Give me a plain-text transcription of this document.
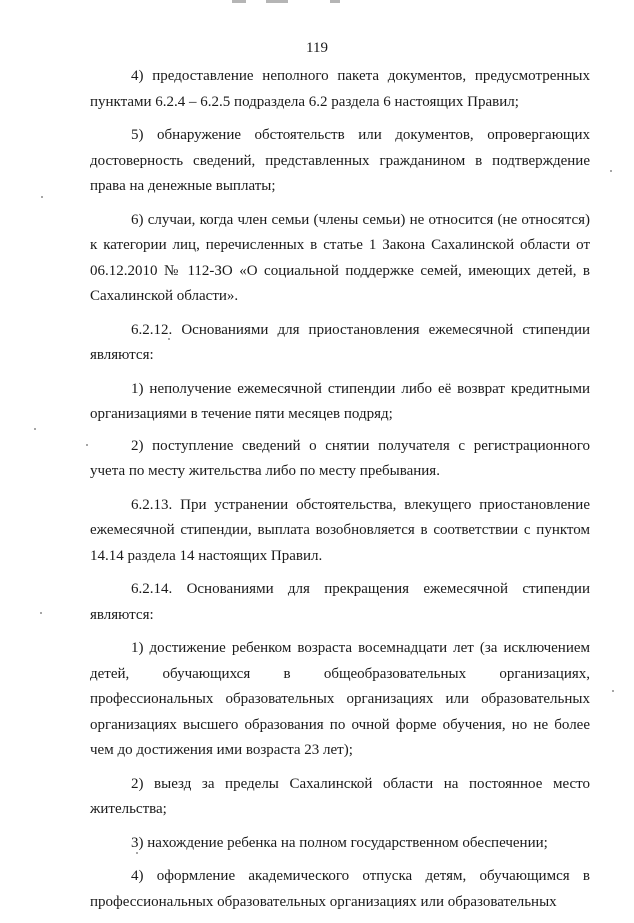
119

4) предоставление неполного пакета документов, предусмотренных пунктами 6.2.4 – 6.2.5 подраздела 6.2 раздела 6 настоящих Правил;

5) обнаружение обстоятельств или документов, опровергающих достоверность сведений, представленных гражданином в подтверждение права на денежные выплаты;

6) случаи, когда член семьи (члены семьи) не относится (не относятся) к категории лиц, перечисленных в статье 1 Закона Сахалинской области от 06.12.2010 № 112-ЗО «О социальной поддержке семей, имеющих детей, в Сахалинской области».

6.2.12. Основаниями для приостановления ежемесячной стипендии являются:

1) неполучение ежемесячной стипендии либо её возврат кредитными организациями в течение пяти месяцев подряд;

2) поступление сведений о снятии получателя с регистрационного учета по месту жительства либо по месту пребывания.

6.2.13. При устранении обстоятельства, влекущего приостановление ежемесячной стипендии, выплата возобновляется в соответствии с пунктом 14.14 раздела 14 настоящих Правил.

6.2.14. Основаниями для прекращения ежемесячной стипендии являются:

1) достижение ребенком возраста восемнадцати лет (за исключением детей, обучающихся в общеобразовательных организациях, профессиональных образовательных организациях или образовательных организациях высшего образования по очной форме обучения, но не более чем до достижения ими возраста 23 лет);

2) выезд за пределы Сахалинской области на постоянное место жительства;

3) нахождение ребенка на полном государственном обеспечении;

4) оформление академического отпуска детям, обучающимся в профессиональных образовательных организациях или образовательных
